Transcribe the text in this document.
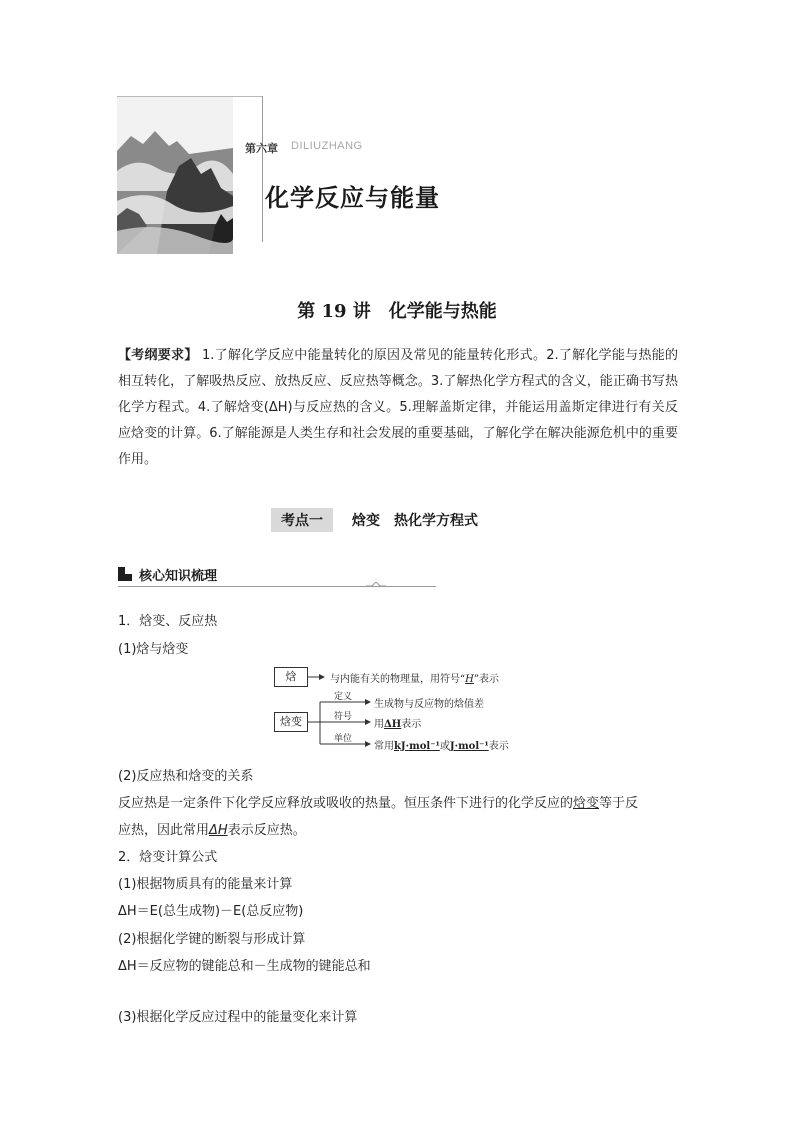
第六章 DILIUZHANG
化学反应与能量
第 19 讲　化学能与热能
【考纲要求】 1.了解化学反应中能量转化的原因及常见的能量转化形式。2.了解化学能与热能的相互转化，了解吸热反应、放热反应、反应热等概念。3.了解热化学方程式的含义，能正确书写热化学方程式。4.了解焓变(ΔH)与反应热的含义。5.理解盖斯定律，并能运用盖斯定律进行有关反应焓变的计算。6.了解能源是人类生存和社会发展的重要基础，了解化学在解决能源危机中的重要作用。
考点一	焓变　热化学方程式
核心知识梳理
1．焓变、反应热
(1)焓与焓变
焓
焓变
与内能有关的物理量，用符号“H”表示
定义
生成物与反应物的焓值差
符号
用ΔH表示
单位
常用kJ·mol⁻¹或J·mol⁻¹表示
(2)反应热和焓变的关系
反应热是一定条件下化学反应释放或吸收的热量。恒压条件下进行的化学反应的焓变等于反
应热，因此常用ΔH表示反应热。
2．焓变计算公式
(1)根据物质具有的能量来计算
ΔH＝E(总生成物)－E(总反应物)
(2)根据化学键的断裂与形成计算
ΔH＝反应物的键能总和－生成物的键能总和
(3)根据化学反应过程中的能量变化来计算
